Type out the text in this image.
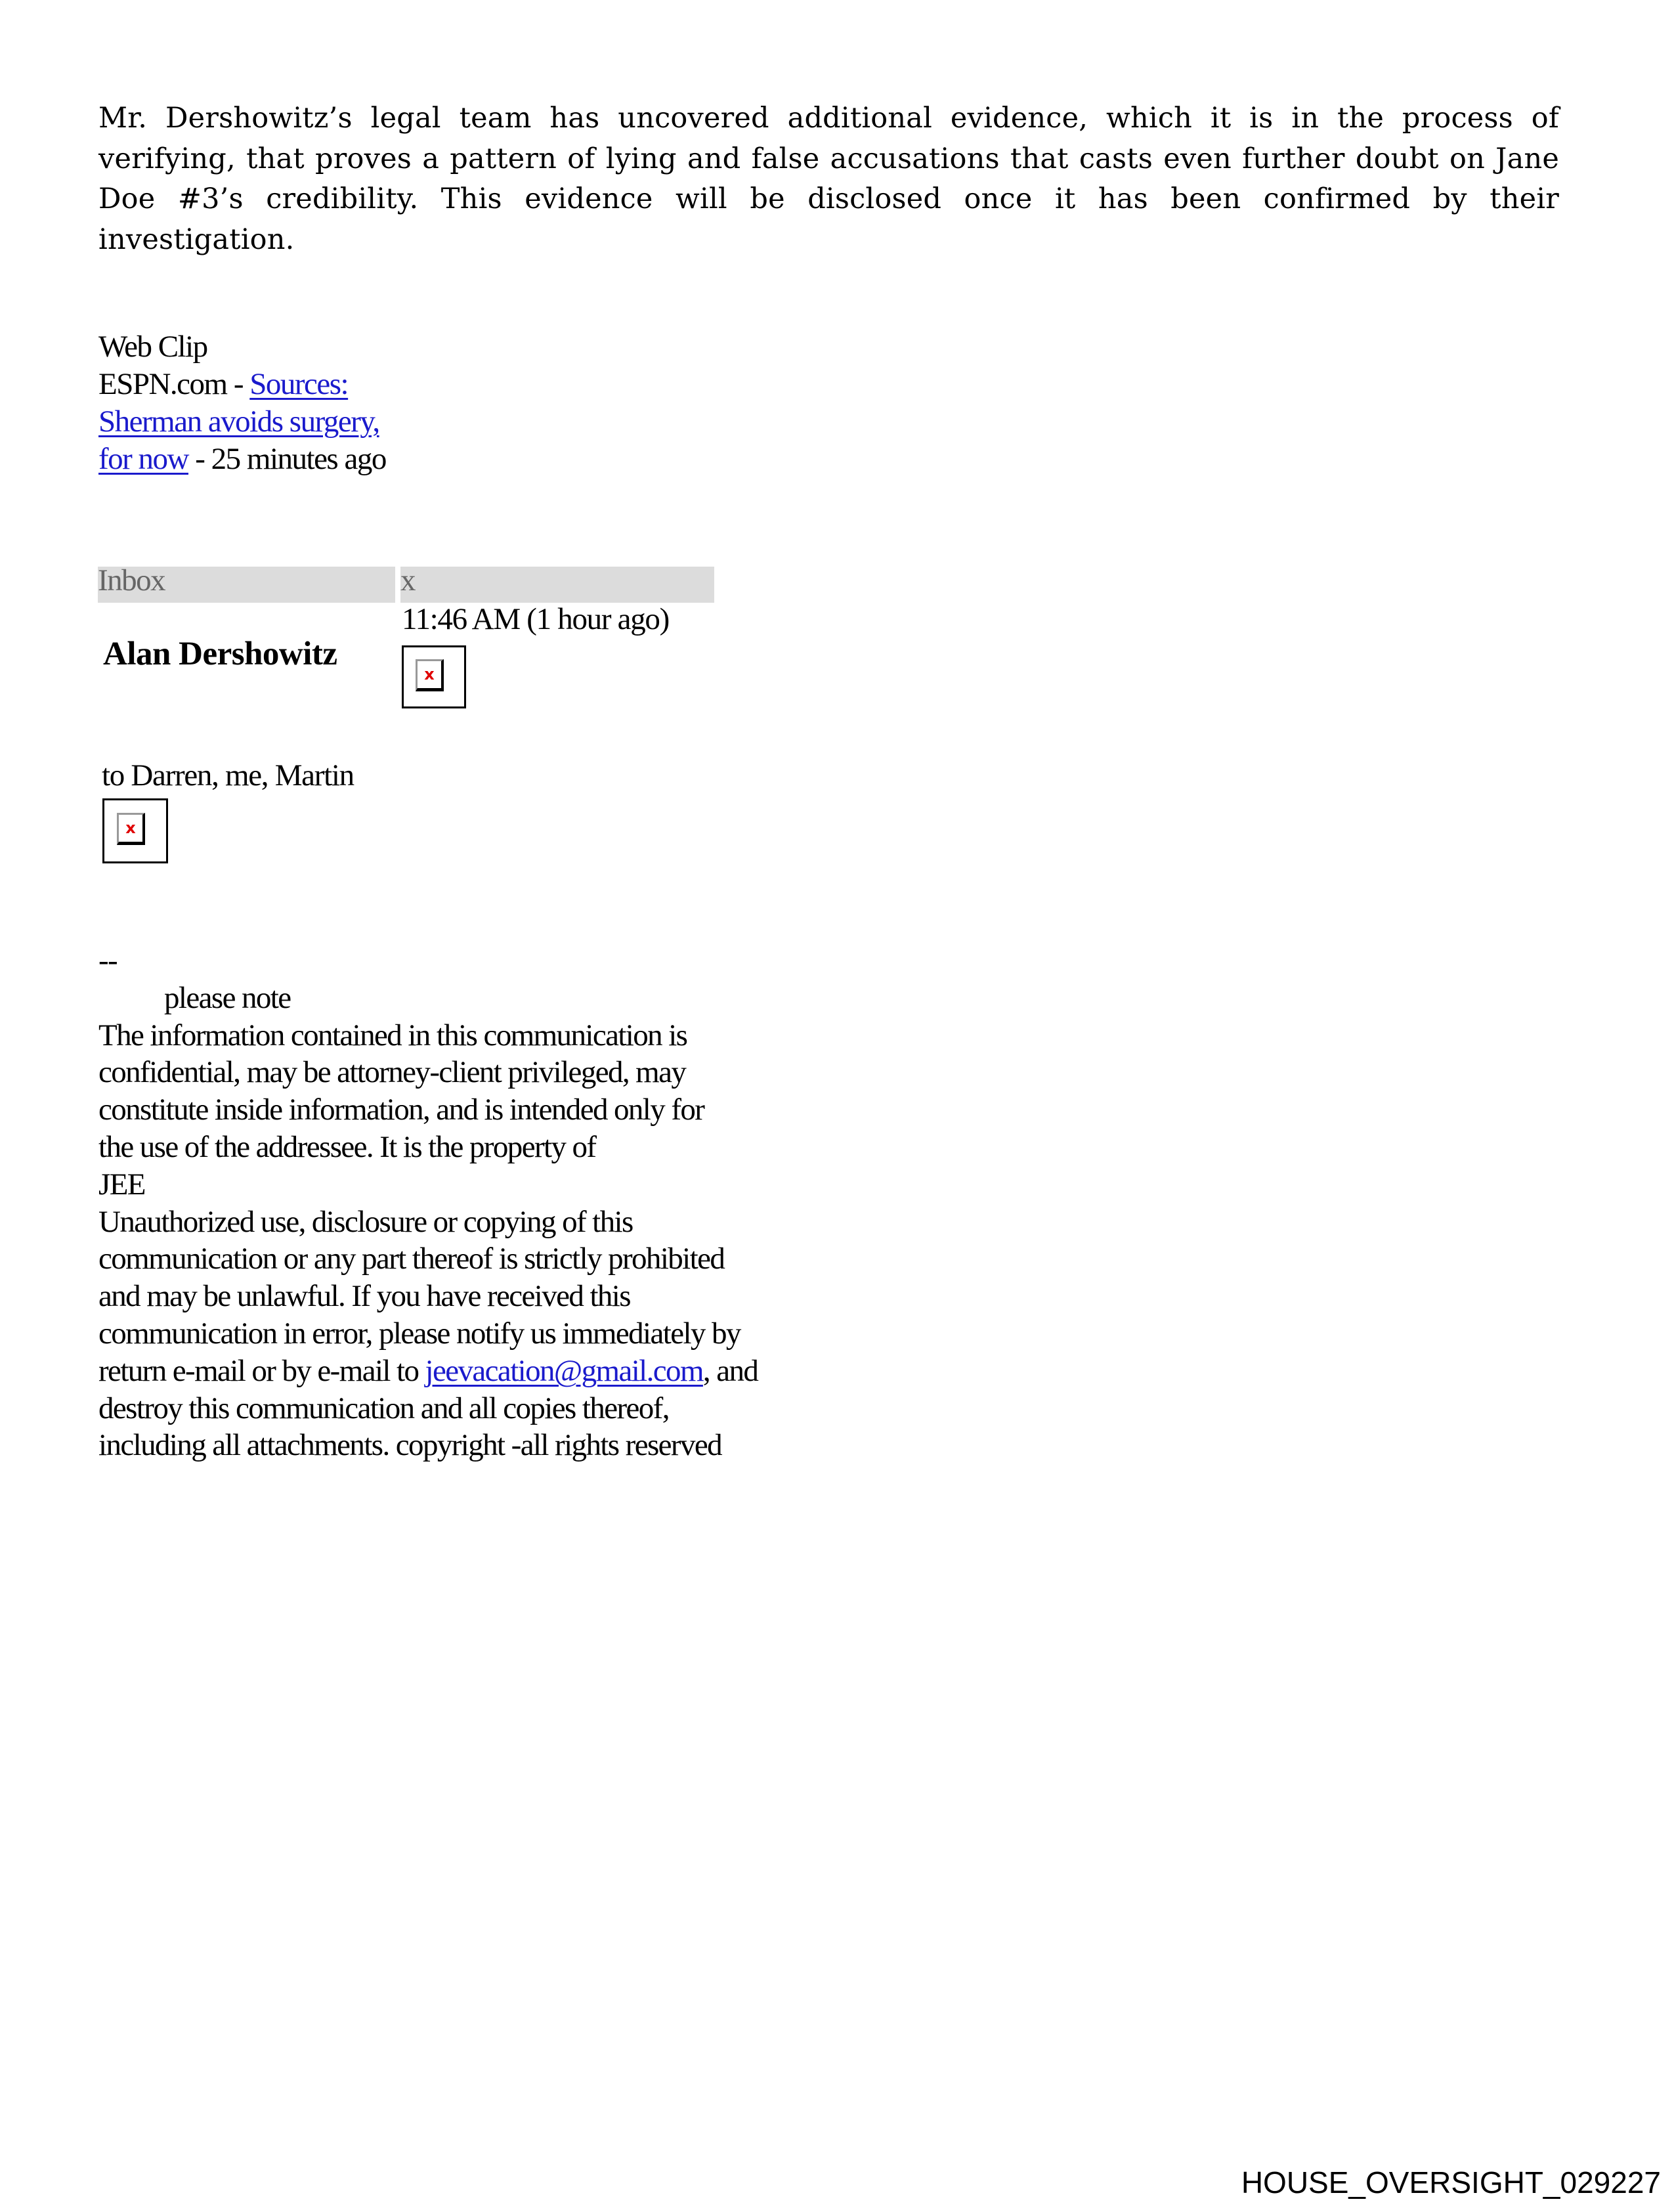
Mr. Dershowitz’s legal team has uncovered additional evidence, which it is in the process of verifying, that proves a pattern of lying and false accusations that casts even further doubt on Jane Doe #3’s credibility. This evidence will be disclosed once it has been confirmed by their investigation.
Web Clip
ESPN.com - Sources: Sherman avoids surgery, for now - 25 minutes ago
Inbox	x
11:46 AM (1 hour ago)
Alan Dershowitz
x
to Darren, me, Martin
x
--
please note
The information contained in this communication is
confidential, may be attorney-client privileged, may
constitute inside information, and is intended only for
the use of the addressee. It is the property of
JEE
Unauthorized use, disclosure or copying of this
communication or any part thereof is strictly prohibited
and may be unlawful. If you have received this
communication in error, please notify us immediately by
return e-mail or by e-mail to jeevacation@gmail.com, and
destroy this communication and all copies thereof,
including all attachments. copyright -all rights reserved
HOUSE_OVERSIGHT_029227
